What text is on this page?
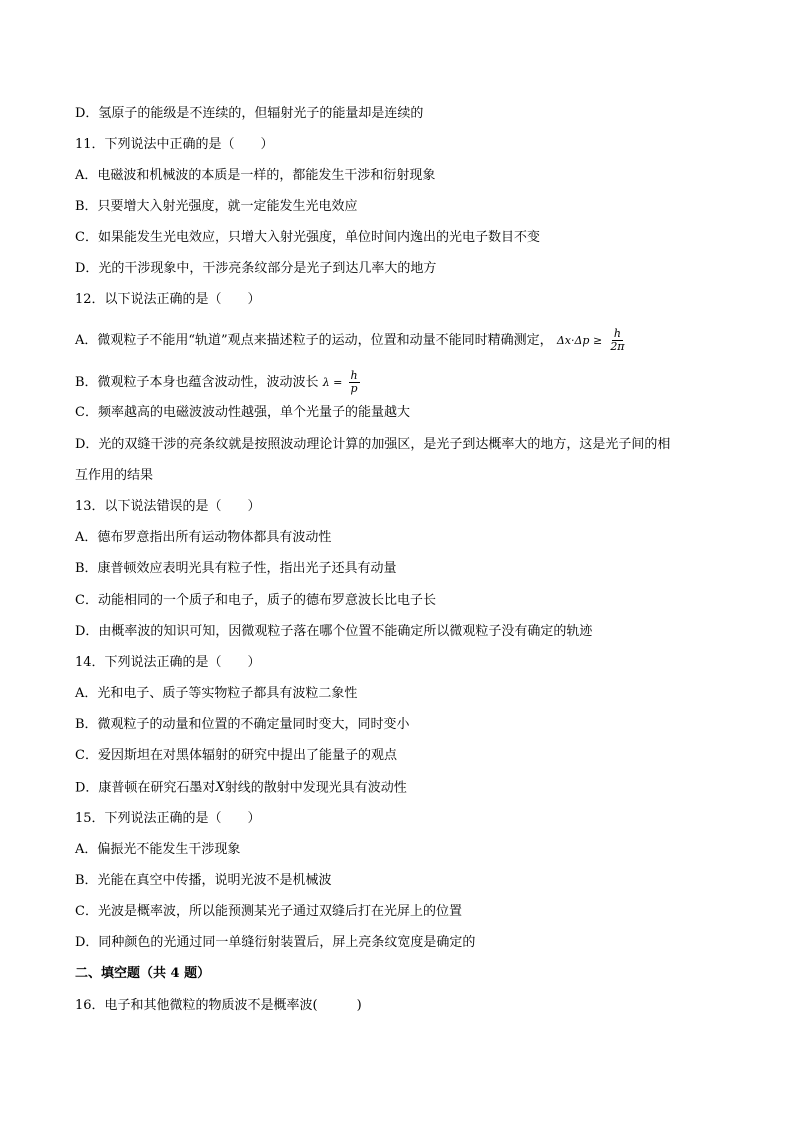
D．氢原子的能级是不连续的，但辐射光子的能量却是连续的
11．下列说法中正确的是（　　）
A．电磁波和机械波的本质是一样的，都能发生干涉和衍射现象
B．只要增大入射光强度，就一定能发生光电效应
C．如果能发生光电效应，只增大入射光强度，单位时间内逸出的光电子数目不变
D．光的干涉现象中，干涉亮条纹部分是光子到达几率大的地方
12．以下说法正确的是（　　）
A．微观粒子不能用“轨道”观点来描述粒子的运动，位置和动量不能同时精确测定， $\Delta x\cdot\Delta p \ge \frac{h}{2\pi}$
B．微观粒子本身也蕴含波动性，波动波长 $\lambda = \frac{h}{p}$
C．频率越高的电磁波波动性越强，单个光量子的能量越大
D．光的双缝干涉的亮条纹就是按照波动理论计算的加强区，是光子到达概率大的地方，这是光子间的相
互作用的结果
13．以下说法错误的是（　　）
A．德布罗意指出所有运动物体都具有波动性
B．康普顿效应表明光具有粒子性，指出光子还具有动量
C．动能相同的一个质子和电子，质子的德布罗意波长比电子长
D．由概率波的知识可知，因微观粒子落在哪个位置不能确定所以微观粒子没有确定的轨迹
14．下列说法正确的是（　　）
A．光和电子、质子等实物粒子都具有波粒二象性
B．微观粒子的动量和位置的不确定量同时变大，同时变小
C．爱因斯坦在对黑体辐射的研究中提出了能量子的观点
D．康普顿在研究石墨对X射线的散射中发现光具有波动性
15．下列说法正确的是（　　）
A．偏振光不能发生干涉现象
B．光能在真空中传播，说明光波不是机械波
C．光波是概率波，所以能预测某光子通过双缝后打在光屏上的位置
D．同种颜色的光通过同一单缝衍射装置后，屏上亮条纹宽度是确定的
二、填空题（共 4 题）
16．电子和其他微粒的物质波不是概率波(　　　)
